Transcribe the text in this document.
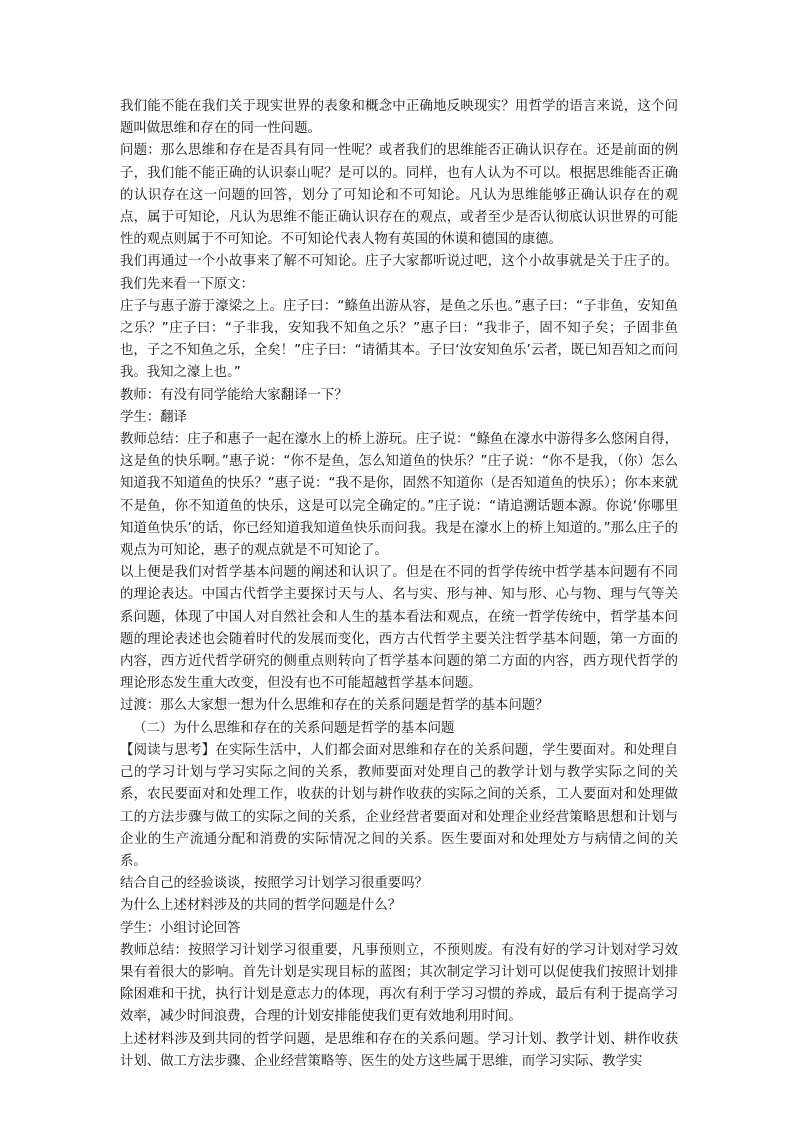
我们能不能在我们关于现实世界的表象和概念中正确地反映现实？用哲学的语言来说，这个问题叫做思维和存在的同一性问题。

问题：那么思维和存在是否具有同一性呢？或者我们的思维能否正确认识存在。还是前面的例子，我们能不能正确的认识泰山呢？是可以的。同样，也有人认为不可以。根据思维能否正确的认识存在这一问题的回答，划分了可知论和不可知论。凡认为思维能够正确认识存在的观点，属于可知论，凡认为思维不能正确认识存在的观点，或者至少是否认彻底认识世界的可能性的观点则属于不可知论。不可知论代表人物有英国的休谟和德国的康德。

我们再通过一个小故事来了解不可知论。庄子大家都听说过吧，这个小故事就是关于庄子的。我们先来看一下原文：

庄子与惠子游于濠梁之上。庄子曰：“鲦鱼出游从容，是鱼之乐也。”惠子曰：“子非鱼，安知鱼之乐？”庄子曰：“子非我，安知我不知鱼之乐？”惠子曰：“我非子，固不知子矣；子固非鱼也，子之不知鱼之乐，全矣！”庄子曰：“请循其本。子曰‘汝安知鱼乐’云者，既已知吾知之而问我。我知之濠上也。”

教师：有没有同学能给大家翻译一下？

学生：翻译

教师总结：庄子和惠子一起在濠水上的桥上游玩。庄子说：“鲦鱼在濠水中游得多么悠闲自得，这是鱼的快乐啊。”惠子说：“你不是鱼，怎么知道鱼的快乐？”庄子说：“你不是我，（你）怎么知道我不知道鱼的快乐？”惠子说：“我不是你，固然不知道你（是否知道鱼的快乐）；你本来就不是鱼，你不知道鱼的快乐，这是可以完全确定的。”庄子说：“请追溯话题本源。你说‘你哪里知道鱼快乐’的话，你已经知道我知道鱼快乐而问我。我是在濠水上的桥上知道的。”那么庄子的观点为可知论，惠子的观点就是不可知论了。

以上便是我们对哲学基本问题的阐述和认识了。但是在不同的哲学传统中哲学基本问题有不同的理论表达。中国古代哲学主要探讨天与人、名与实、形与神、知与形、心与物、理与气等关系问题，体现了中国人对自然社会和人生的基本看法和观点，在统一哲学传统中，哲学基本问题的理论表述也会随着时代的发展而变化，西方古代哲学主要关注哲学基本问题，第一方面的内容，西方近代哲学研究的侧重点则转向了哲学基本问题的第二方面的内容，西方现代哲学的理论形态发生重大改变，但没有也不可能超越哲学基本问题。

过渡：那么大家想一想为什么思维和存在的关系问题是哲学的基本问题？

（二）为什么思维和存在的关系问题是哲学的基本问题

【阅读与思考】在实际生活中，人们都会面对思维和存在的关系问题，学生要面对。和处理自己的学习计划与学习实际之间的关系，教师要面对处理自己的教学计划与教学实际之间的关系，农民要面对和处理工作，收获的计划与耕作收获的实际之间的关系，工人要面对和处理做工的方法步骤与做工的实际之间的关系，企业经营者要面对和处理企业经营策略思想和计划与企业的生产流通分配和消费的实际情况之间的关系。医生要面对和处理处方与病情之间的关系。

结合自己的经验谈谈，按照学习计划学习很重要吗？

为什么上述材料涉及的共同的哲学问题是什么？

学生：小组讨论回答

教师总结：按照学习计划学习很重要，凡事预则立，不预则废。有没有好的学习计划对学习效果有着很大的影响。首先计划是实现目标的蓝图；其次制定学习计划可以促使我们按照计划排除困难和干扰，执行计划是意志力的体现，再次有利于学习习惯的养成，最后有利于提高学习效率，减少时间浪费，合理的计划安排能使我们更有效地利用时间。

上述材料涉及到共同的哲学问题，是思维和存在的关系问题。学习计划、教学计划、耕作收获计划、做工方法步骤、企业经营策略等、医生的处方这些属于思维，而学习实际、教学实
